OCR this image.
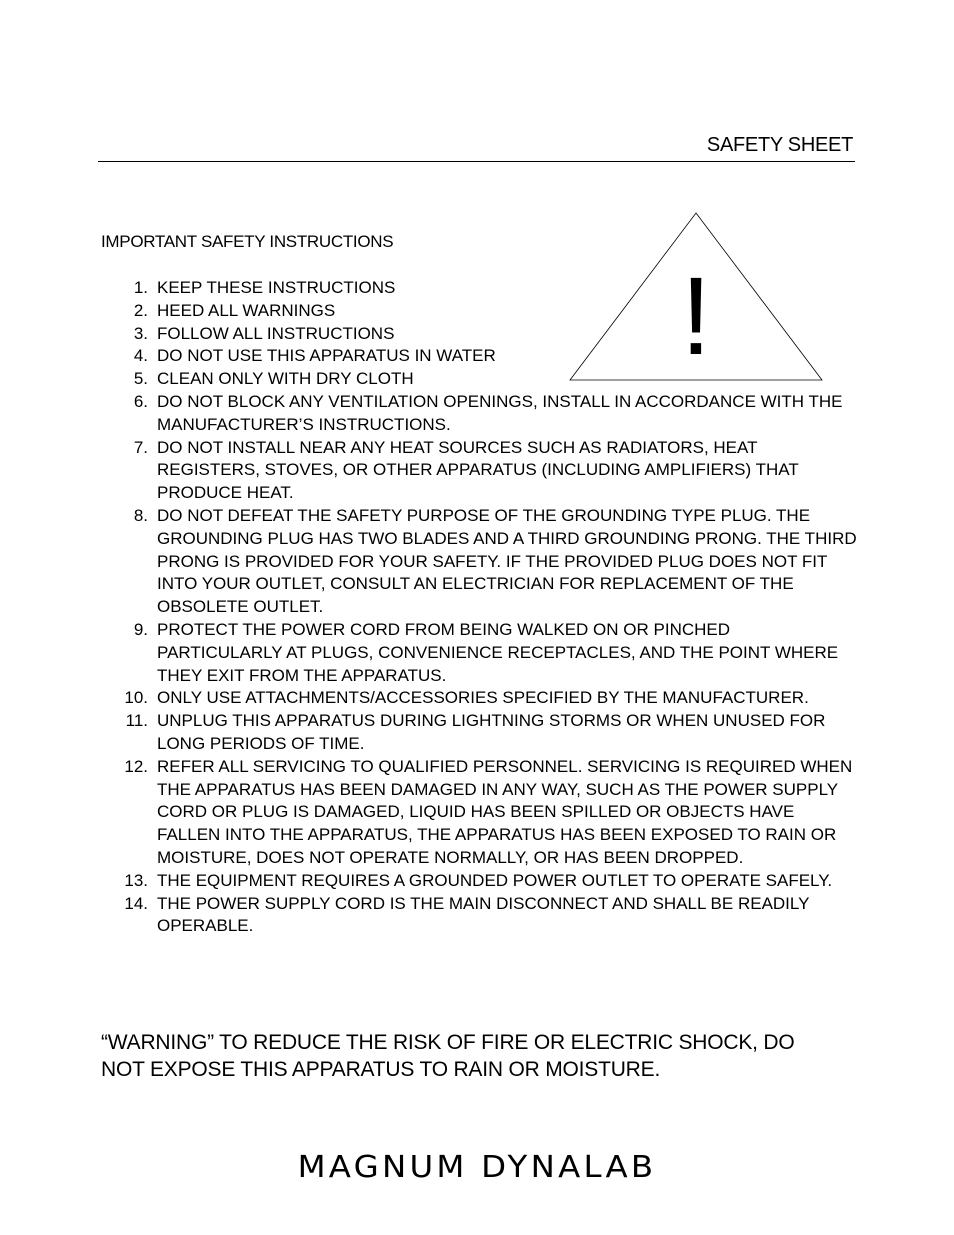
SAFETY SHEET
IMPORTANT SAFETY INSTRUCTIONS
!
1. KEEP THESE INSTRUCTIONS
2. HEED ALL WARNINGS
3. FOLLOW ALL INSTRUCTIONS
4. DO NOT USE THIS APPARATUS IN WATER
5. CLEAN ONLY WITH DRY CLOTH
6. DO NOT BLOCK ANY VENTILATION OPENINGS, INSTALL IN ACCORDANCE WITH THE MANUFACTURER’S INSTRUCTIONS.
7. DO NOT INSTALL NEAR ANY HEAT SOURCES SUCH AS RADIATORS, HEAT REGISTERS, STOVES, OR OTHER APPARATUS (INCLUDING AMPLIFIERS) THAT PRODUCE HEAT.
8. DO NOT DEFEAT THE SAFETY PURPOSE OF THE GROUNDING TYPE PLUG. THE GROUNDING PLUG HAS TWO BLADES AND A THIRD GROUNDING PRONG. THE THIRD PRONG IS PROVIDED FOR YOUR SAFETY. IF THE PROVIDED PLUG DOES NOT FIT INTO YOUR OUTLET, CONSULT AN ELECTRICIAN FOR REPLACEMENT OF THE OBSOLETE OUTLET.
9. PROTECT THE POWER CORD FROM BEING WALKED ON OR PINCHED PARTICULARLY AT PLUGS, CONVENIENCE RECEPTACLES, AND THE POINT WHERE THEY EXIT FROM THE APPARATUS.
10. ONLY USE ATTACHMENTS/ACCESSORIES SPECIFIED BY THE MANUFACTURER.
11. UNPLUG THIS APPARATUS DURING LIGHTNING STORMS OR WHEN UNUSED FOR LONG PERIODS OF TIME.
12. REFER ALL SERVICING TO QUALIFIED PERSONNEL. SERVICING IS REQUIRED WHEN THE APPARATUS HAS BEEN DAMAGED IN ANY WAY, SUCH AS THE POWER SUPPLY CORD OR PLUG IS DAMAGED, LIQUID HAS BEEN SPILLED OR OBJECTS HAVE FALLEN INTO THE APPARATUS, THE APPARATUS HAS BEEN EXPOSED TO RAIN OR MOISTURE, DOES NOT OPERATE NORMALLY, OR HAS BEEN DROPPED.
13. THE EQUIPMENT REQUIRES A GROUNDED POWER OUTLET TO OPERATE SAFELY.
14. THE POWER SUPPLY CORD IS THE MAIN DISCONNECT AND SHALL BE READILY OPERABLE.

“WARNING” TO REDUCE THE RISK OF FIRE OR ELECTRIC SHOCK, DO NOT EXPOSE THIS APPARATUS TO RAIN OR MOISTURE.

MAGNUM DYNALAB
